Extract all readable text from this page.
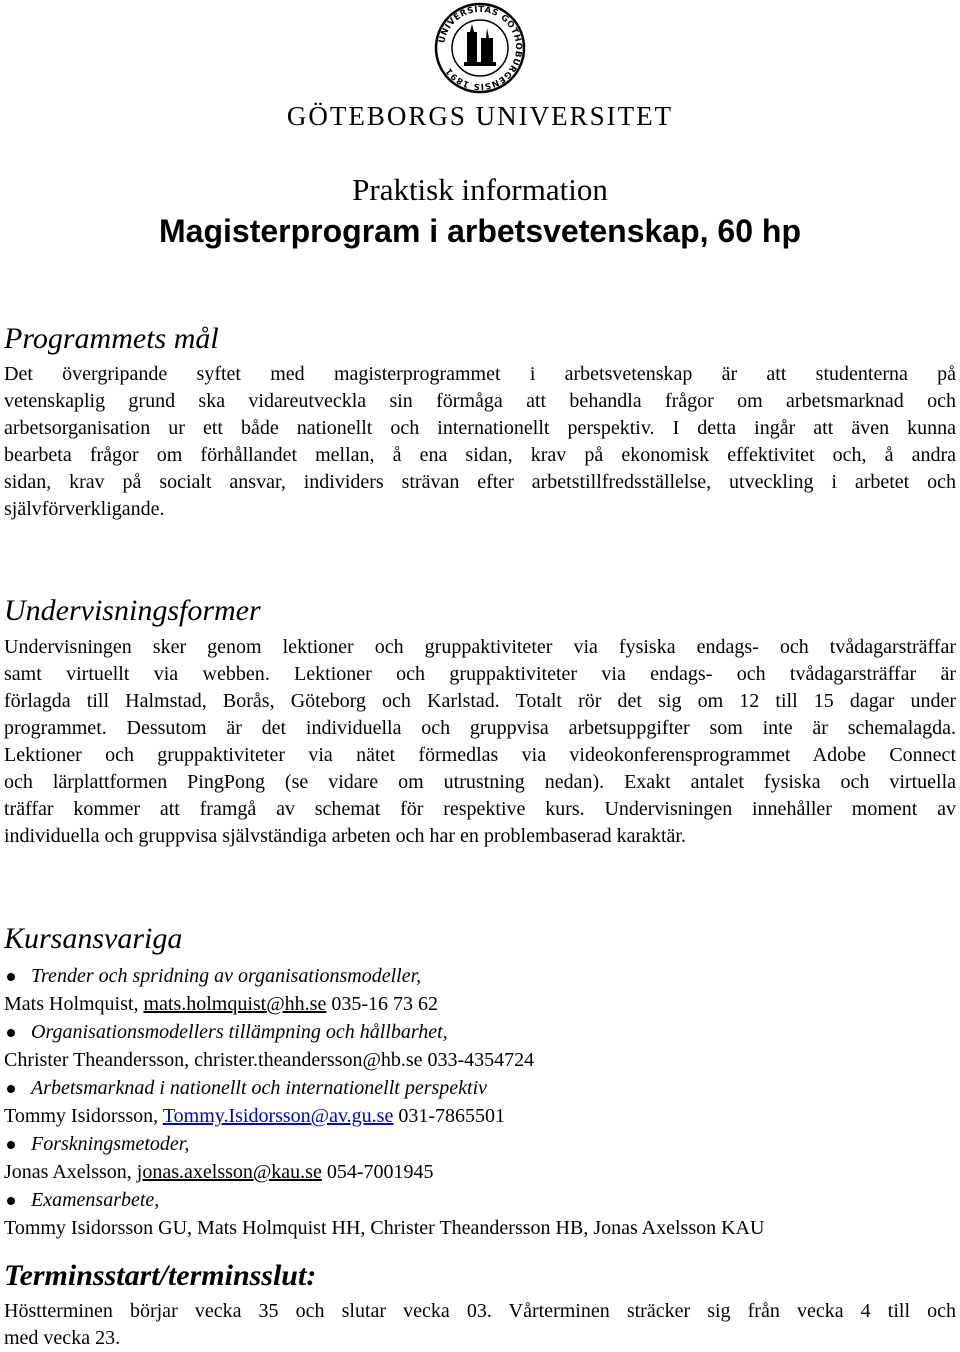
UNIVERSITAS GOTHOBURGENSIS 1891
GÖTEBORGS UNIVERSITET
Praktisk information
Magisterprogram i arbetsvetenskap, 60 hp
Programmets mål
Det övergripande syftet med magisterprogrammet i arbetsvetenskap är att studenterna på
vetenskaplig grund ska vidareutveckla sin förmåga att behandla frågor om arbetsmarknad och
arbetsorganisation ur ett både nationellt och internationellt perspektiv. I detta ingår att även kunna
bearbeta frågor om förhållandet mellan, å ena sidan, krav på ekonomisk effektivitet och, å andra
sidan, krav på socialt ansvar, individers strävan efter arbetstillfredsställelse, utveckling i arbetet och
självförverkligande.
Undervisningsformer
Undervisningen sker genom lektioner och gruppaktiviteter via fysiska endags- och tvådagarsträffar
samt virtuellt via webben. Lektioner och gruppaktiviteter via endags- och tvådagarsträffar är
förlagda till Halmstad, Borås, Göteborg och Karlstad. Totalt rör det sig om 12 till 15 dagar under
programmet. Dessutom är det individuella och gruppvisa arbetsuppgifter som inte är schemalagda.
Lektioner och gruppaktiviteter via nätet förmedlas via videokonferensprogrammet Adobe Connect
och lärplattformen PingPong (se vidare om utrustning nedan). Exakt antalet fysiska och virtuella
träffar kommer att framgå av schemat för respektive kurs. Undervisningen innehåller moment av
individuella och gruppvisa självständiga arbeten och har en problembaserad karaktär.
Kursansvariga
Trender och spridning av organisationsmodeller,
Mats Holmquist, mats.holmquist@hh.se 035-16 73 62
Organisationsmodellers tillämpning och hållbarhet,
Christer Theandersson, christer.theandersson@hb.se 033-4354724
Arbetsmarknad i nationellt och internationellt perspektiv
Tommy Isidorsson, Tommy.Isidorsson@av.gu.se 031-7865501
Forskningsmetoder,
Jonas Axelsson, jonas.axelsson@kau.se 054-7001945
Examensarbete,
Tommy Isidorsson GU, Mats Holmquist HH, Christer Theandersson HB, Jonas Axelsson KAU
Terminsstart/terminsslut:
Höstterminen börjar vecka 35 och slutar vecka 03. Vårterminen sträcker sig från vecka 4 till och
med vecka 23.
